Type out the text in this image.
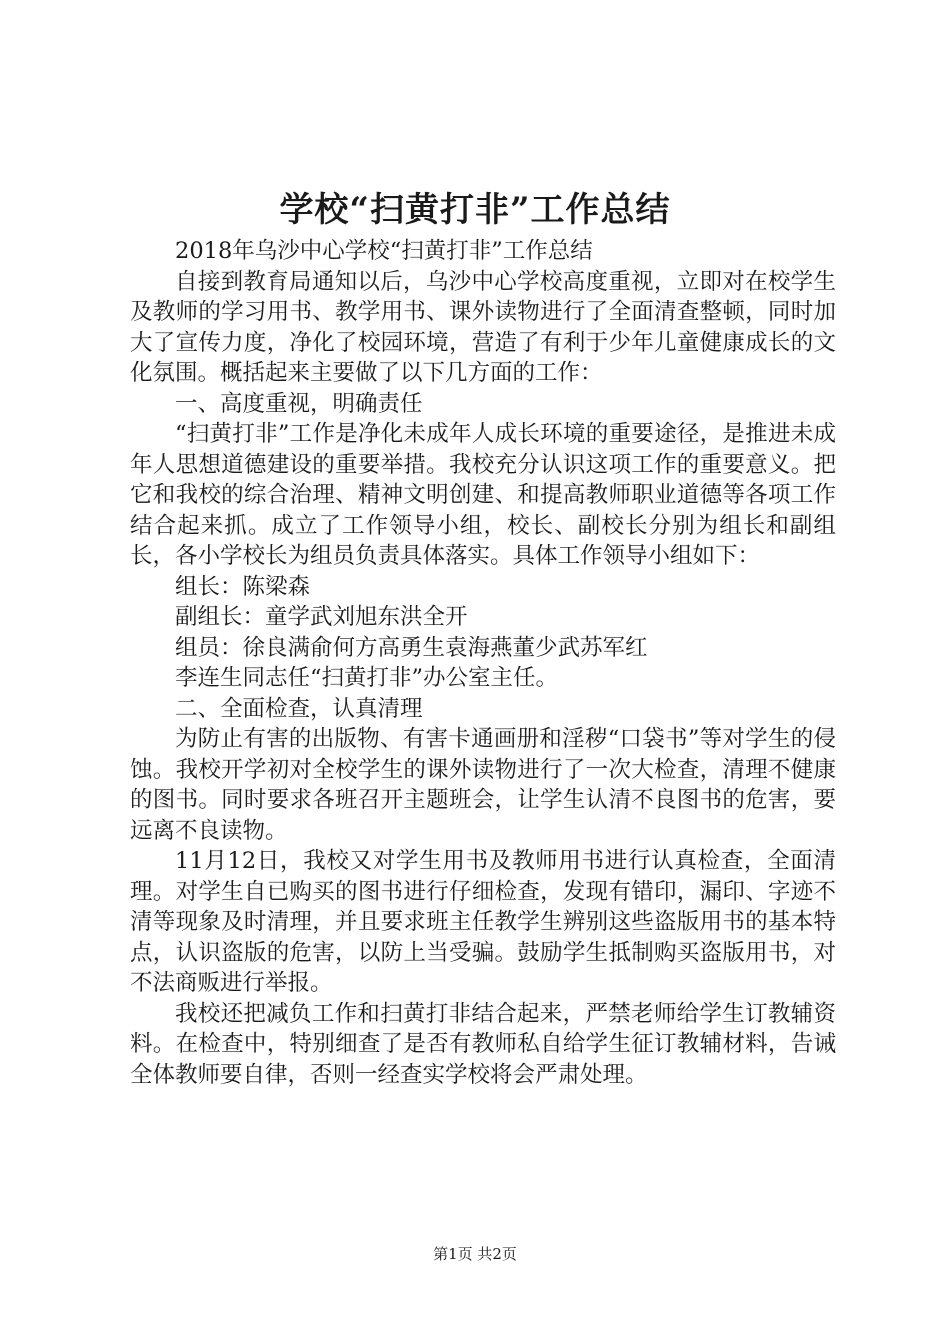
学校“扫黄打非”工作总结

2018年乌沙中心学校“扫黄打非”工作总结

自接到教育局通知以后，乌沙中心学校高度重视，立即对在校学生及教师的学习用书、教学用书、课外读物进行了全面清查整顿，同时加大了宣传力度，净化了校园环境，营造了有利于少年儿童健康成长的文化氛围。概括起来主要做了以下几方面的工作：

一、高度重视，明确责任

“扫黄打非”工作是净化未成年人成长环境的重要途径，是推进未成年人思想道德建设的重要举措。我校充分认识这项工作的重要意义。把它和我校的综合治理、精神文明创建、和提高教师职业道德等各项工作结合起来抓。成立了工作领导小组，校长、副校长分别为组长和副组长，各小学校长为组员负责具体落实。具体工作领导小组如下：

组长：陈梁森

副组长：童学武刘旭东洪全开

组员：徐良满俞何方高勇生袁海燕董少武苏军红

李连生同志任“扫黄打非”办公室主任。

二、全面检查，认真清理

为防止有害的出版物、有害卡通画册和淫秽“口袋书”等对学生的侵蚀。我校开学初对全校学生的课外读物进行了一次大检查，清理不健康的图书。同时要求各班召开主题班会，让学生认清不良图书的危害，要远离不良读物。

11月12日，我校又对学生用书及教师用书进行认真检查，全面清理。对学生自已购买的图书进行仔细检查，发现有错印，漏印、字迹不清等现象及时清理，并且要求班主任教学生辨别这些盗版用书的基本特点，认识盗版的危害，以防上当受骗。鼓励学生抵制购买盗版用书，对不法商贩进行举报。

我校还把减负工作和扫黄打非结合起来，严禁老师给学生订教辅资料。在检查中，特别细查了是否有教师私自给学生征订教辅材料，告诫全体教师要自律，否则一经查实学校将会严肃处理。

第1页 共2页
